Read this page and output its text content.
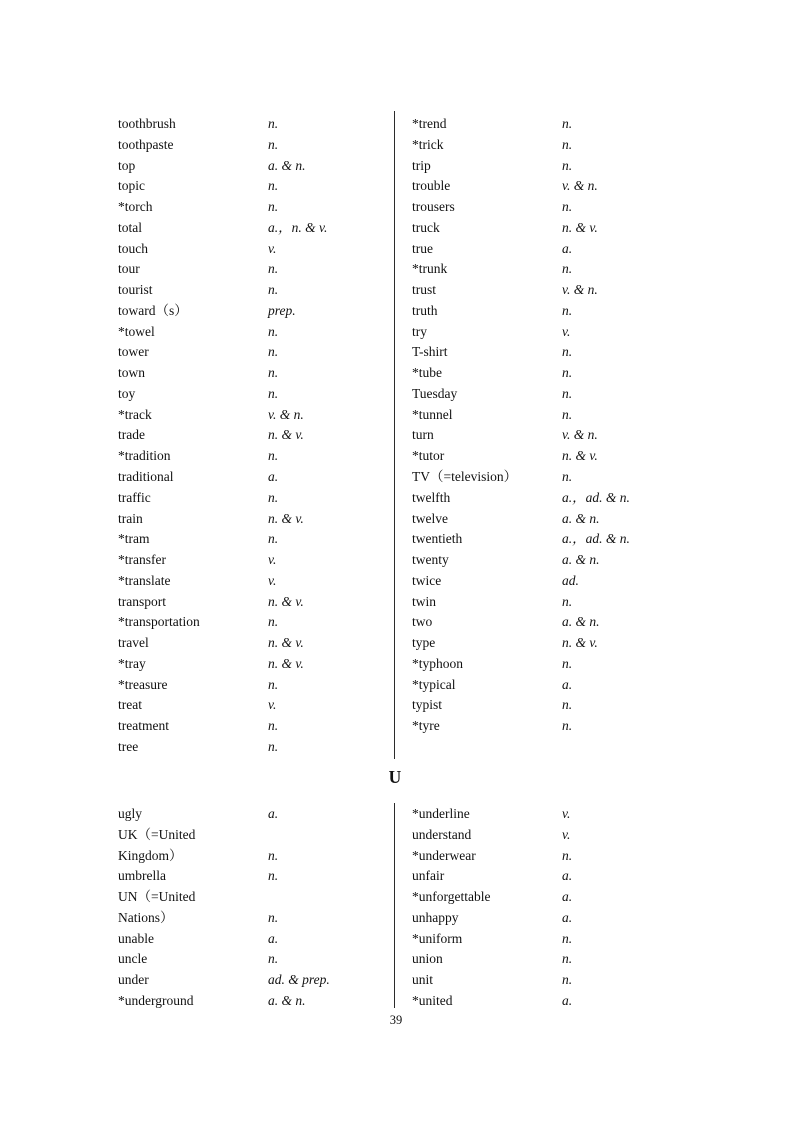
toothbrush	n.
toothpaste	n.
top	a. & n.
topic	n.
*torch	n.
total	a.，n. & v.
touch	v.
tour	n.
tourist	n.
toward（s）	prep.
*towel	n.
tower	n.
town	n.
toy	n.
*track	v. & n.
trade	n. & v.
*tradition	n.
traditional	a.
traffic	n.
train	n. & v.
*tram	n.
*transfer	v.
*translate	v.
transport	n. & v.
*transportation	n.
travel	n. & v.
*tray	n. & v.
*treasure	n.
treat	v.
treatment	n.
tree	n.
*trend	n.
*trick	n.
trip	n.
trouble	v. & n.
trousers	n.
truck	n. & v.
true	a.
*trunk	n.
trust	v. & n.
truth	n.
try	v.
T-shirt	n.
*tube	n.
Tuesday	n.
*tunnel	n.
turn	v. & n.
*tutor	n. & v.
TV（=television）	n.
twelfth	a.，ad. & n.
twelve	a. & n.
twentieth	a.，ad. & n.
twenty	a. & n.
twice	ad.
twin	n.
two	a. & n.
type	n. & v.
*typhoon	n.
*typical	a.
typist	n.
*tyre	n.
U
ugly	a.
UK（=United
Kingdom）	n.
umbrella	n.
UN（=United
Nations）	n.
unable	a.
uncle	n.
under	ad. & prep.
*underground	a. & n.
*underline	v.
understand	v.
*underwear	n.
unfair	a.
*unforgettable	a.
unhappy	a.
*uniform	n.
union	n.
unit	n.
*united	a.
39
